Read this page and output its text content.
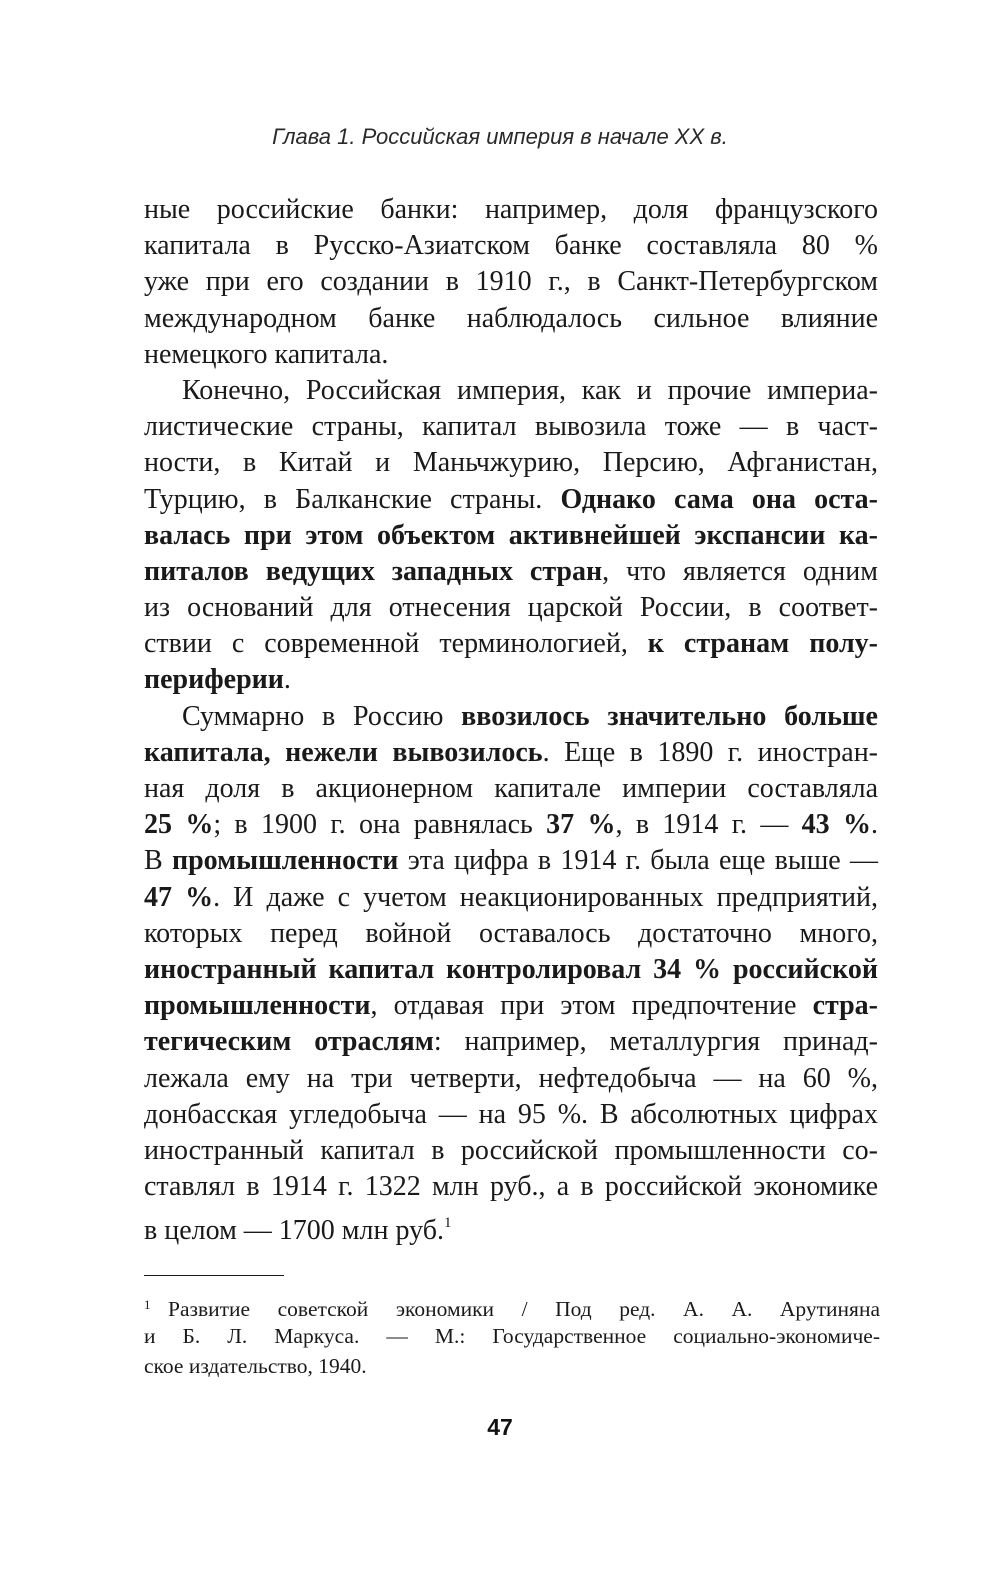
Глава 1. Российская империя в начале XX в.
ные российские банки: например, доля французского
капитала в Русско-Азиатском банке составляла 80 %
уже при его создании в 1910 г., в Санкт-Петербургском
международном банке наблюдалось сильное влияние
немецкого капитала.
Конечно, Российская империя, как и прочие империа-
листические страны, капитал вывозила тоже — в част-
ности, в Китай и Маньчжурию, Персию, Афганистан,
Турцию, в Балканские страны. Однако сама она оста-
валась при этом объектом активнейшей экспансии ка-
питалов ведущих западных стран, что является одним
из оснований для отнесения царской России, в соответ-
ствии с современной терминологией, к странам полу-
периферии.
Суммарно в Россию ввозилось значительно больше
капитала, нежели вывозилось. Еще в 1890 г. иностран-
ная доля в акционерном капитале империи составляла
25 %; в 1900 г. она равнялась 37 %, в 1914 г. — 43 %.
В промышленности эта цифра в 1914 г. была еще выше —
47 %. И даже с учетом неакционированных предприятий,
которых перед войной оставалось достаточно много,
иностранный капитал контролировал 34 % российской
промышленности, отдавая при этом предпочтение стра-
тегическим отраслям: например, металлургия принад-
лежала ему на три четверти, нефтедобыча — на 60 %,
донбасская угледобыча — на 95 %. В абсолютных цифрах
иностранный капитал в российской промышленности со-
ставлял в 1914 г. 1322 млн руб., а в российской экономике
в целом — 1700 млн руб.$^1$
1 Развитие советской экономики / Под ред. А. А. Арутиняна
и Б. Л. Маркуса. — М.: Государственное социально-экономиче-
ское издательство, 1940.
47
